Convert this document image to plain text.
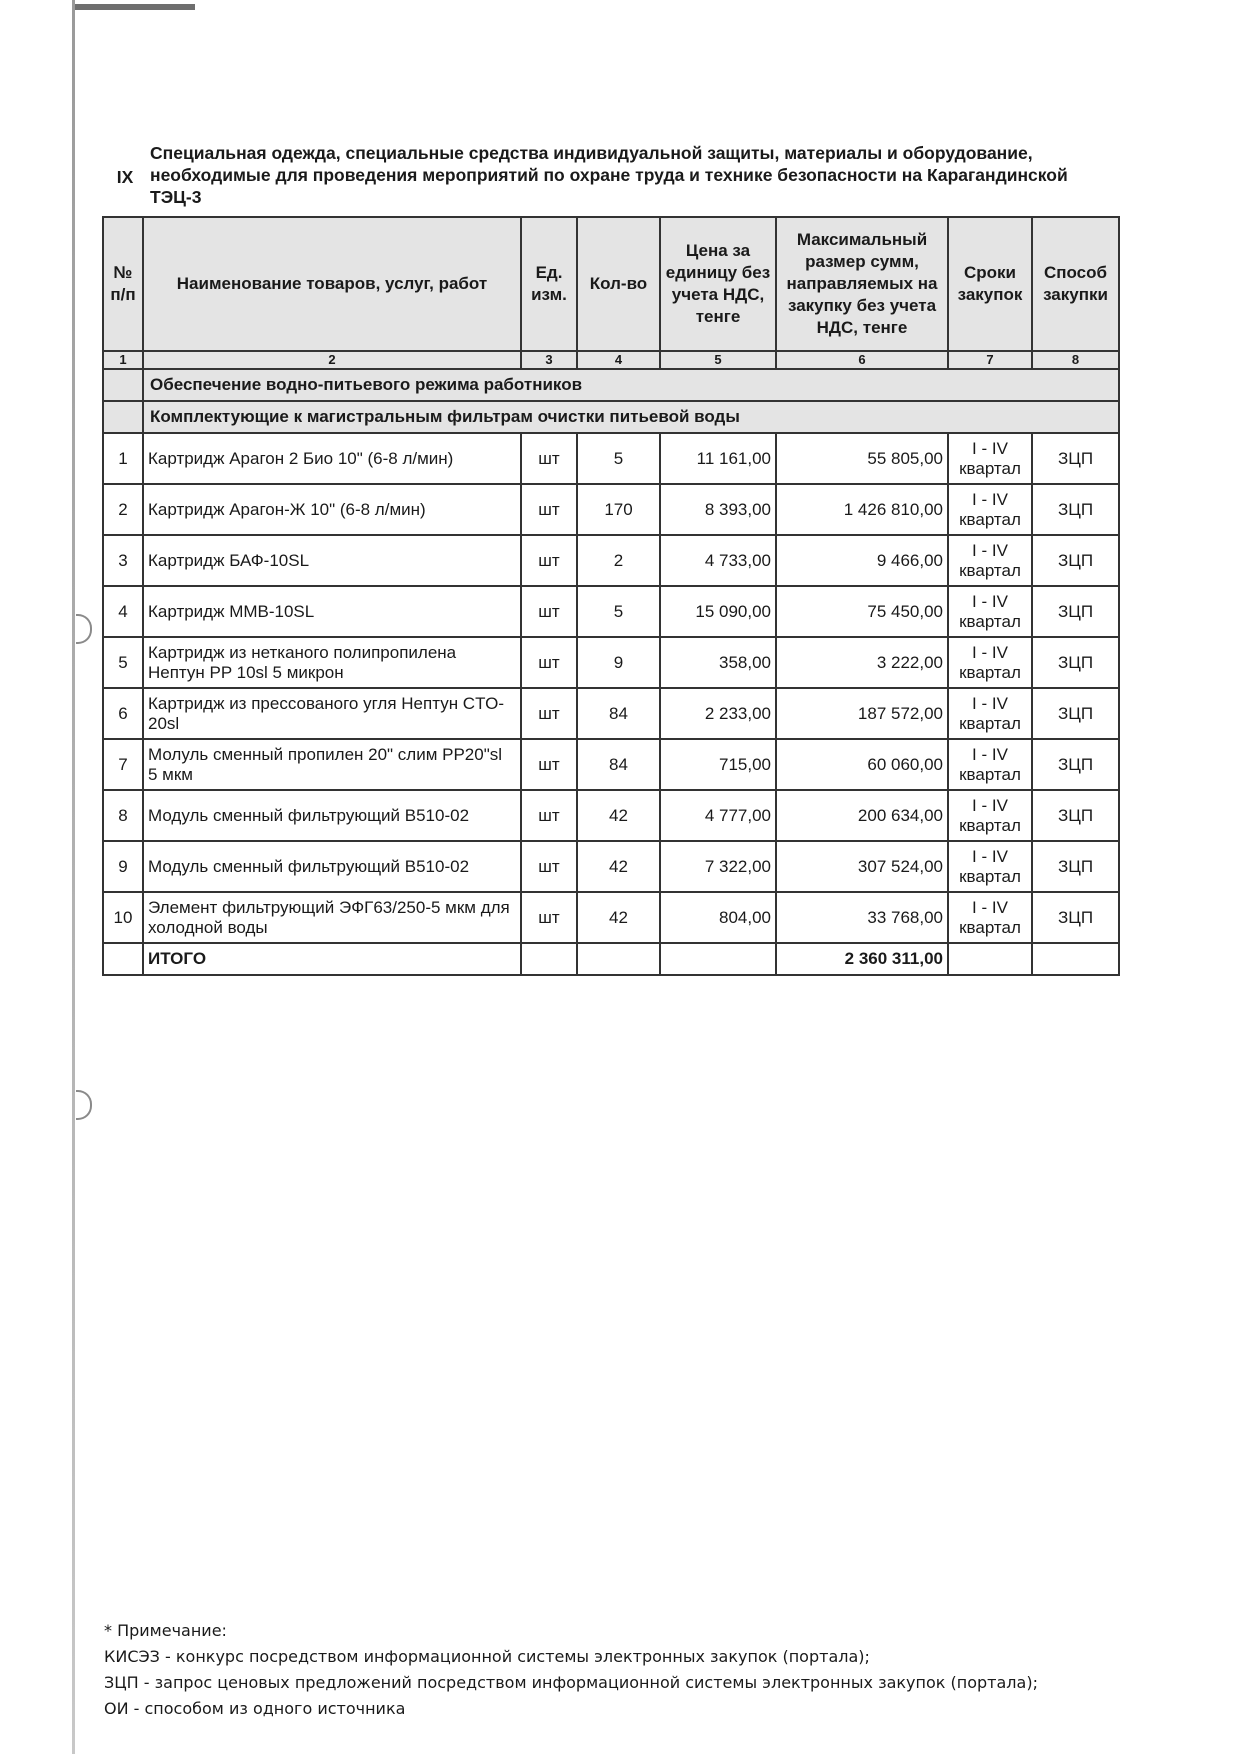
IX
Специальная одежда, специальные средства индивидуальной защиты, материалы и оборудование, необходимые для проведения мероприятий по охране труда и технике безопасности на Карагандинской ТЭЦ-3
№ п/п	Наименование товаров, услуг, работ	Ед. изм.	Кол-во	Цена за единицу без учета НДС, тенге	Максимальный размер сумм, направляемых на закупку без учета НДС, тенге	Сроки закупок	Способ закупки
1	2	3	4	5	6	7	8
	Обеспечение водно-питьевого режима работников						
	Комплектующие к магистральным фильтрам очистки питьевой воды						
1	Картридж Арагон 2 Био 10" (6-8 л/мин)	шт	5	11 161,00	55 805,00	I - IV квартал	ЗЦП
2	Картридж Арагон-Ж 10" (6-8 л/мин)	шт	170	8 393,00	1 426 810,00	I - IV квартал	ЗЦП
3	Картридж БАФ-10SL	шт	2	4 733,00	9 466,00	I - IV квартал	ЗЦП
4	Картридж ММВ-10SL	шт	5	15 090,00	75 450,00	I - IV квартал	ЗЦП
5	Картридж из нетканого полипропилена Нептун PP 10sl 5 микрон	шт	9	358,00	3 222,00	I - IV квартал	ЗЦП
6	Картридж из прессованого угля Нептун CTO-20sl	шт	84	2 233,00	187 572,00	I - IV квартал	ЗЦП
7	Молуль сменный пропилен 20" слим PP20"sl 5 мкм	шт	84	715,00	60 060,00	I - IV квартал	ЗЦП
8	Модуль сменный фильтрующий В510-02	шт	42	4 777,00	200 634,00	I - IV квартал	ЗЦП
9	Модуль сменный фильтрующий В510-02	шт	42	7 322,00	307 524,00	I - IV квартал	ЗЦП
10	Элемент фильтрующий ЭФГ63/250-5 мкм для холодной воды	шт	42	804,00	33 768,00	I - IV квартал	ЗЦП
	ИТОГО				2 360 311,00		
* Примечание:
КИСЭЗ - конкурс посредством информационной системы электронных закупок (портала);
ЗЦП - запрос ценовых предложений посредством информационной системы электронных закупок (портала);
ОИ - способом из одного источника
